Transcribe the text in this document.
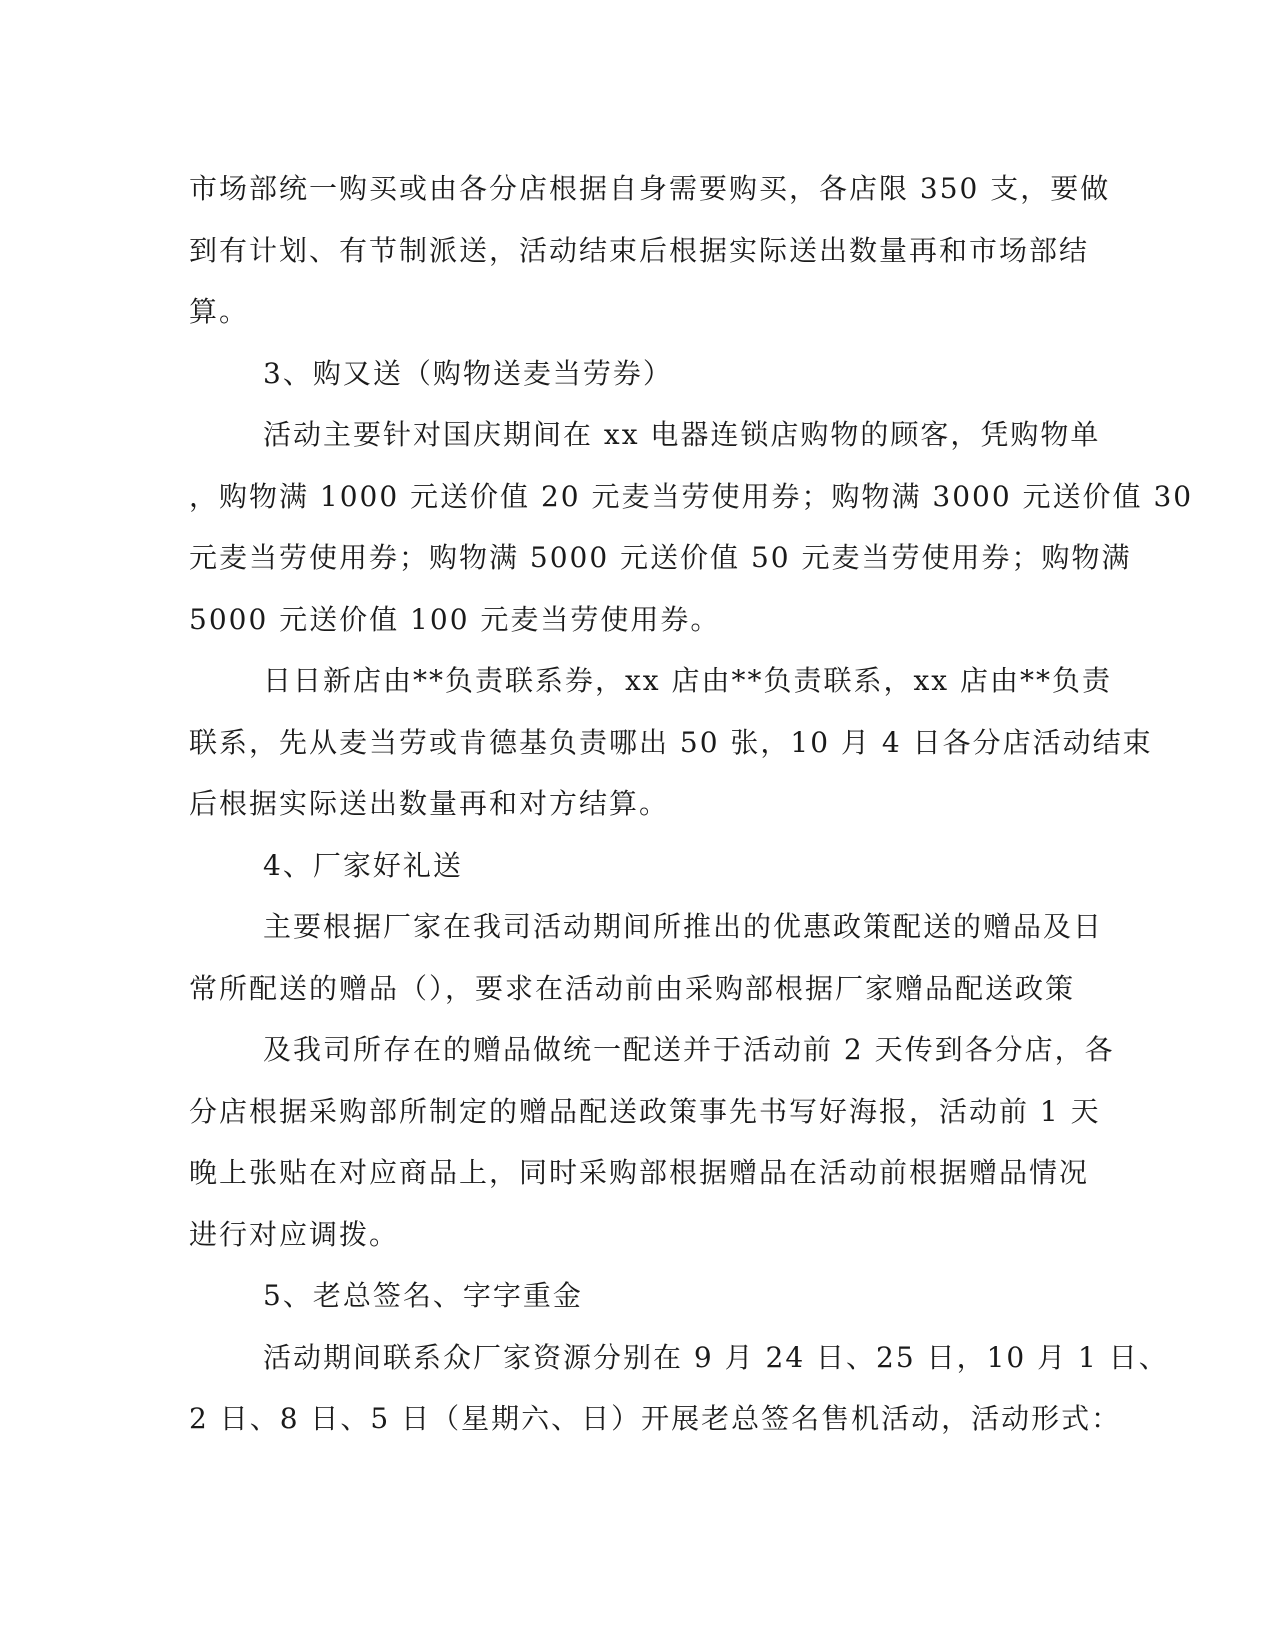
市场部统一购买或由各分店根据自身需要购买，各店限 350 支，要做
到有计划、有节制派送，活动结束后根据实际送出数量再和市场部结
算。
3、购又送（购物送麦当劳券）
活动主要针对国庆期间在 xx 电器连锁店购物的顾客，凭购物单
，购物满 1000 元送价值 20 元麦当劳使用券；购物满 3000 元送价值 30
元麦当劳使用券；购物满 5000 元送价值 50 元麦当劳使用券；购物满
5000 元送价值 100 元麦当劳使用券。
日日新店由**负责联系券，xx 店由**负责联系，xx 店由**负责
联系，先从麦当劳或肯德基负责哪出 50 张，10 月 4 日各分店活动结束
后根据实际送出数量再和对方结算。
4、厂家好礼送
主要根据厂家在我司活动期间所推出的优惠政策配送的赠品及日
常所配送的赠品（），要求在活动前由采购部根据厂家赠品配送政策
及我司所存在的赠品做统一配送并于活动前 2 天传到各分店，各
分店根据采购部所制定的赠品配送政策事先书写好海报，活动前 1 天
晚上张贴在对应商品上，同时采购部根据赠品在活动前根据赠品情况
进行对应调拨。
5、老总签名、字字重金
活动期间联系众厂家资源分别在 9 月 24 日、25 日，10 月 1 日、
2 日、8 日、5 日（星期六、日）开展老总签名售机活动，活动形式：
